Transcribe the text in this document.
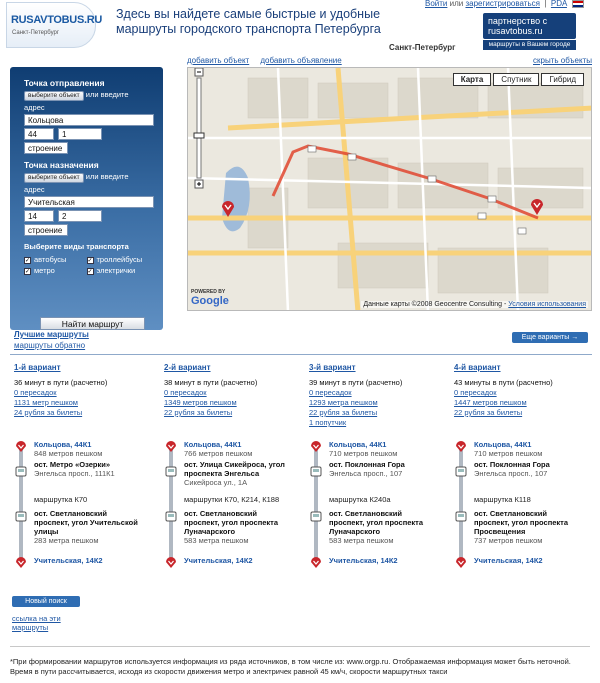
RUSAVTOBUS.RU
Санкт-Петербург
Здесь вы найдете самые быстрые и удобные маршруты городского транспорта Петербурга
Войти или зарегистрироваться  |  PDA
Санкт-Петербург
партнерство с rusavtobus.ru
маршруты в Вашем городе
добавить объект добавить объявление	скрыть объекты
Точка отправления
выберите объект или введите
адрес
Кольцова
44	1
строение
Точка назначения
выберите объект или введите
адрес
Учительская
14	2
строение
Выберите виды транспорта
✓ автобусы	✓ троллейбусы
✓ метро	✓ электрички
Найти маршрут
Карта	Спутник	Гибрид
POWERED BY
Google	Данные карты ©2008 Geocentre Consulting - Условия использования
Лучшие маршруты
маршруты обратно
Еще варианты →
1-й вариант
36 минут в пути (расчетно)
0 пересадок
1131 метр пешком
24 рубля за билеты
Кольцова, 44К1
848 метров пешком
ост. Метро «Озерки»
Энгельса просп., 111К1
маршрутка К70
ост. Светлановский проспект, угол Учительской улицы
283 метра пешком
Учительская, 14К2
2-й вариант
38 минут в пути (расчетно)
0 пересадок
1349 метров пешком
22 рубля за билеты
Кольцова, 44К1
766 метров пешком
ост. Улица Сикейроса, угол проспекта Энгельса
Сикейроса ул., 1А
маршрутки К70, К214, К188
ост. Светлановский проспект, угол проспекта Луначарского
583 метра пешком
Учительская, 14К2
3-й вариант
39 минут в пути (расчетно)
0 пересадок
1293 метра пешком
22 рубля за билеты
1 попутчик
Кольцова, 44К1
710 метров пешком
ост. Поклонная Гора
Энгельса просп., 107
маршрутка К240а
ост. Светлановский проспект, угол проспекта Луначарского
583 метра пешком
Учительская, 14К2
4-й вариант
43 минуты в пути (расчетно)
0 пересадок
1447 метров пешком
22 рубля за билеты
Кольцова, 44К1
710 метров пешком
ост. Поклонная Гора
Энгельса просп., 107
маршрутка К118
ост. Светлановский проспект, угол проспекта Просвещения
737 метров пешком
Учительская, 14К2
Новый поиск
ссылка на эти маршруты
*При формировании маршрутов используется информация из ряда источников, в том числе из: www.orgp.ru. Отображаемая информация может быть неточной. Время в пути рассчитывается, исходя из скорости движения метро и электричек равной 45 км/ч, скорости маршрутных такси
